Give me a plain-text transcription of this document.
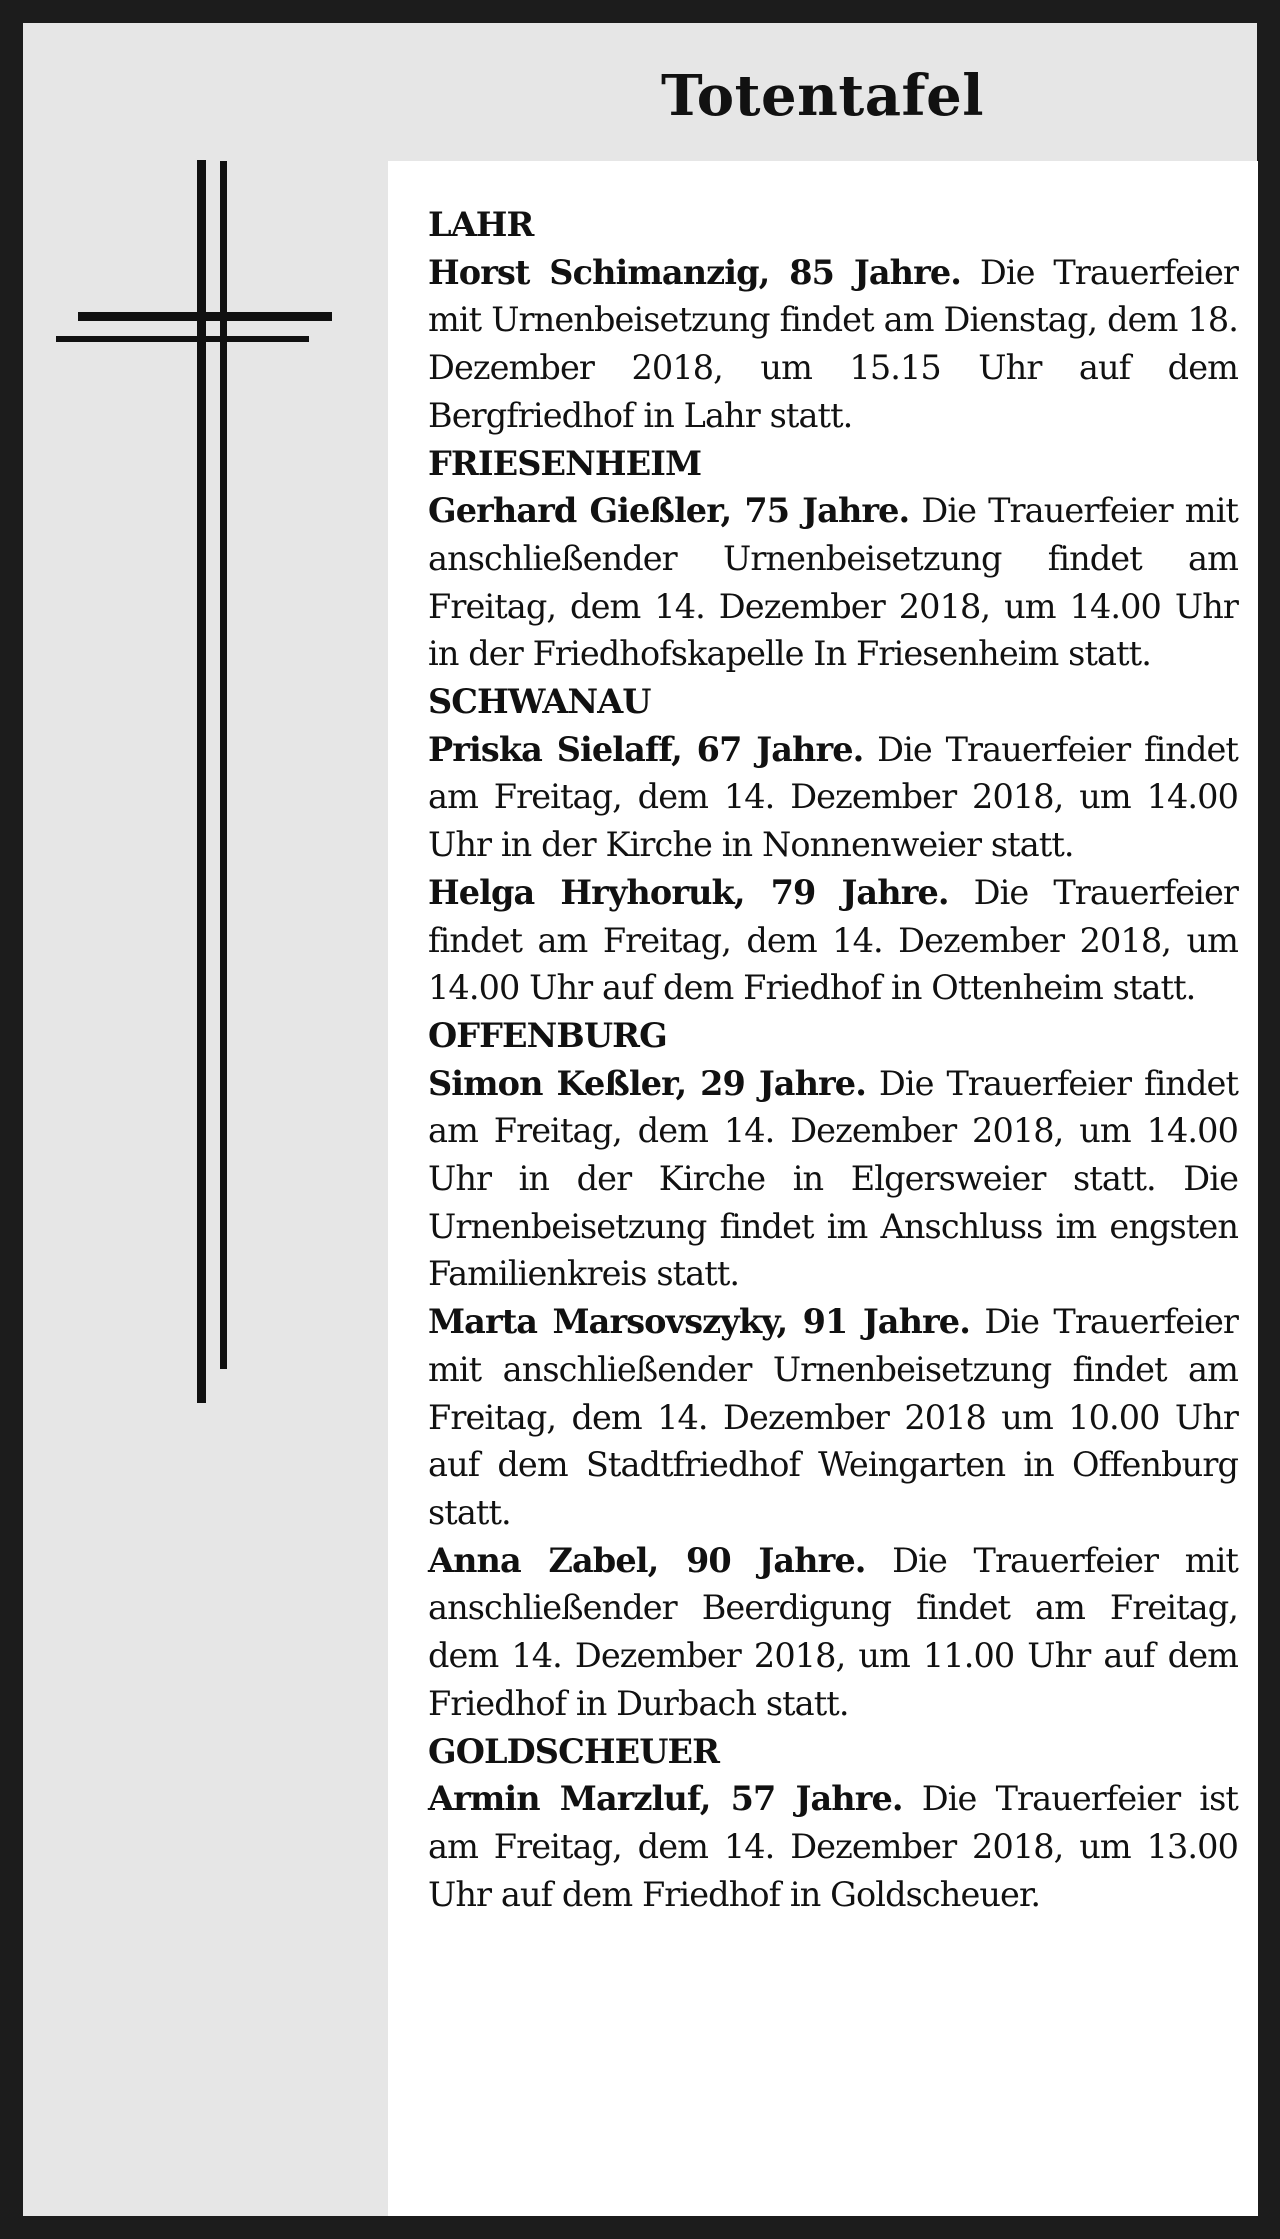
Totentafel
LAHR
Horst Schimanzig, 85 Jahre. Die Trauerfeier mit Urnenbeisetzung findet am Dienstag, dem 18. Dezember 2018, um 15.15 Uhr auf dem Bergfriedhof in Lahr statt.
FRIESENHEIM
Gerhard Gießler, 75 Jahre. Die Trauerfeier mit anschließender Urnenbeisetzung findet am Freitag, dem 14. Dezember 2018, um 14.00 Uhr in der Friedhofskapelle In Friesenheim statt.
SCHWANAU
Priska Sielaff, 67 Jahre. Die Trauerfeier findet am Freitag, dem 14. Dezember 2018, um 14.00 Uhr in der Kirche in Nonnenweier statt.
Helga Hryhoruk, 79 Jahre. Die Trauerfeier findet am Freitag, dem 14. Dezember 2018, um 14.00 Uhr auf dem Friedhof in Ottenheim statt.
OFFENBURG
Simon Keßler, 29 Jahre. Die Trauerfeier findet am Freitag, dem 14. Dezember 2018, um 14.00 Uhr in der Kirche in Elgersweier statt. Die Urnenbeisetzung findet im Anschluss im engsten Familienkreis statt.
Marta Marsovszyky, 91 Jahre. Die Trauerfeier mit anschließender Urnenbeisetzung findet am Freitag, dem 14. Dezember 2018 um 10.00 Uhr auf dem Stadtfriedhof Weingarten in Offenburg statt.
Anna Zabel, 90 Jahre. Die Trauerfeier mit anschließender Beerdigung findet am Freitag, dem 14. Dezember 2018, um 11.00 Uhr auf dem Friedhof in Durbach statt.
GOLDSCHEUER
Armin Marzluf, 57 Jahre. Die Trauerfeier ist am Freitag, dem 14. Dezember 2018, um 13.00 Uhr auf dem Friedhof in Goldscheuer.
